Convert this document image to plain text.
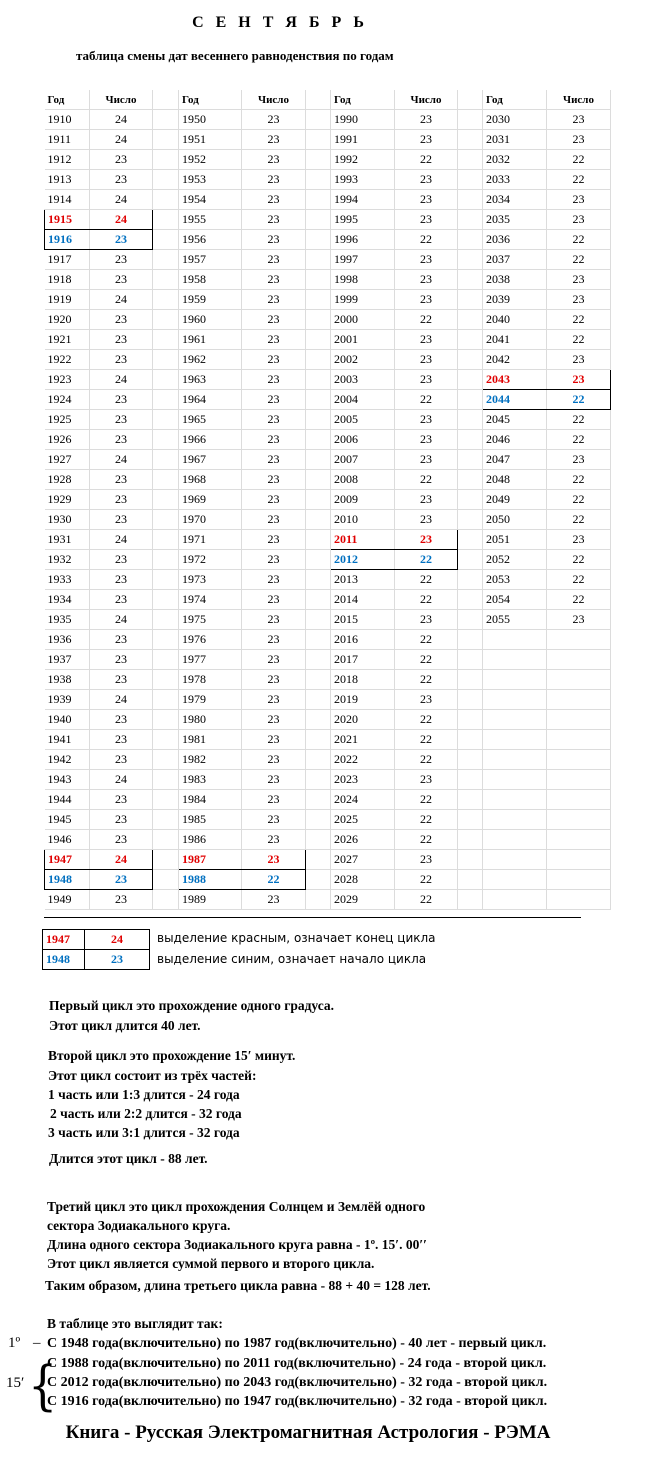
С Е Н Т Я Б Р Ь
таблица смены дат весеннего равноденствия по годам
Год	Число		Год	Число		Год	Число		Год	Число
1910	24		1950	23		1990	23		2030	23
1911	24		1951	23		1991	23		2031	23
1912	23		1952	23		1992	22		2032	22
1913	23		1953	23		1993	23		2033	22
1914	24		1954	23		1994	23		2034	23
1915	24		1955	23		1995	23		2035	23
1916	23		1956	23		1996	22		2036	22
1917	23		1957	23		1997	23		2037	22
1918	23		1958	23		1998	23		2038	23
1919	24		1959	23		1999	23		2039	23
1920	23		1960	23		2000	22		2040	22
1921	23		1961	23		2001	23		2041	22
1922	23		1962	23		2002	23		2042	23
1923	24		1963	23		2003	23		2043	23
1924	23		1964	23		2004	22		2044	22
1925	23		1965	23		2005	23		2045	22
1926	23		1966	23		2006	23		2046	22
1927	24		1967	23		2007	23		2047	23
1928	23		1968	23		2008	22		2048	22
1929	23		1969	23		2009	23		2049	22
1930	23		1970	23		2010	23		2050	22
1931	24		1971	23		2011	23		2051	23
1932	23		1972	23		2012	22		2052	22
1933	23		1973	23		2013	22		2053	22
1934	23		1974	23		2014	22		2054	22
1935	24		1975	23		2015	23		2055	23
1936	23		1976	23		2016	22			
1937	23		1977	23		2017	22			
1938	23		1978	23		2018	22			
1939	24		1979	23		2019	23			
1940	23		1980	23		2020	22			
1941	23		1981	23		2021	22			
1942	23		1982	23		2022	22			
1943	24		1983	23		2023	23			
1944	23		1984	23		2024	22			
1945	23		1985	23		2025	22			
1946	23		1986	23		2026	22			
1947	24		1987	23		2027	23			
1948	23		1988	22		2028	22			
1949	23		1989	23		2029	22			
1947	24
1948	23
выделение красным, означает конец цикла
выделение синим, означает начало цикла
Первый цикл это прохождение одного градуса.
Этот цикл длится 40 лет.
Второй цикл это прохождение 15′ минут.
Этот цикл состоит из трёх частей:
1 часть или 1:3 длится - 24 года
2 часть или 2:2 длится - 32 года
3 часть или 3:1 длится - 32 года
Длится этот цикл - 88 лет.
Третий цикл это цикл прохождения Солнцем и Землёй одного
сектора Зодиакального круга.
Длина одного сектора Зодиакального круга равна - 1º. 15′. 00′′
Этот цикл является суммой первого и второго цикла.
Таким образом, длина третьего цикла равна - 88 + 40 = 128 лет.
В таблице это выглядит так:
1º –
15′ {
С 1948 года(включительно) по 1987 год(включительно) - 40 лет - первый цикл.
С 1988 года(включительно) по 2011 год(включительно) - 24 года - второй цикл.
С 2012 года(включительно) по 2043 год(включительно) - 32 года - второй цикл.
С 1916 года(включительно) по 1947 год(включительно) - 32 года - второй цикл.
Книга - Русская Электромагнитная Астрология - РЭМА
